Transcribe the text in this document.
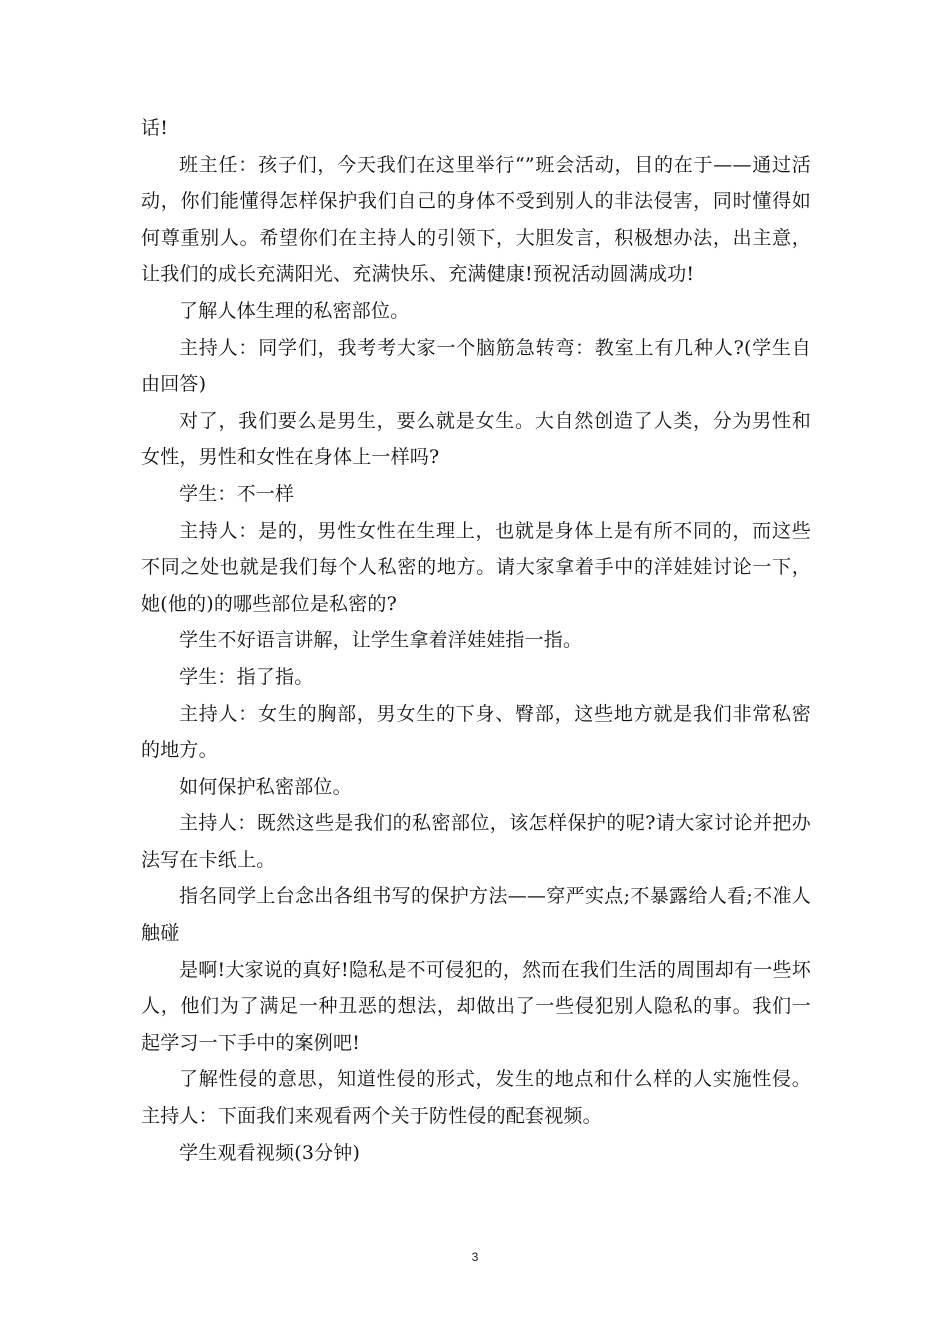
话!

班主任：孩子们，今天我们在这里举行“”班会活动，目的在于——通过活动，你们能懂得怎样保护我们自己的身体不受到别人的非法侵害，同时懂得如何尊重别人。希望你们在主持人的引领下，大胆发言，积极想办法，出主意，让我们的成长充满阳光、充满快乐、充满健康!预祝活动圆满成功!

了解人体生理的私密部位。

主持人：同学们，我考考大家一个脑筋急转弯：教室上有几种人?(学生自由回答)

对了，我们要么是男生，要么就是女生。大自然创造了人类，分为男性和女性，男性和女性在身体上一样吗?

学生：不一样

主持人：是的，男性女性在生理上，也就是身体上是有所不同的，而这些不同之处也就是我们每个人私密的地方。请大家拿着手中的洋娃娃讨论一下，她(他的)的哪些部位是私密的?

学生不好语言讲解，让学生拿着洋娃娃指一指。

学生：指了指。

主持人：女生的胸部，男女生的下身、臀部，这些地方就是我们非常私密的地方。

如何保护私密部位。

主持人：既然这些是我们的私密部位，该怎样保护的呢?请大家讨论并把办法写在卡纸上。

指名同学上台念出各组书写的保护方法——穿严实点;不暴露给人看;不准人触碰

是啊!大家说的真好!隐私是不可侵犯的，然而在我们生活的周围却有一些坏人，他们为了满足一种丑恶的想法，却做出了一些侵犯别人隐私的事。我们一起学习一下手中的案例吧!

了解性侵的意思，知道性侵的形式，发生的地点和什么样的人实施性侵。主持人：下面我们来观看两个关于防性侵的配套视频。

学生观看视频(3分钟)

3
